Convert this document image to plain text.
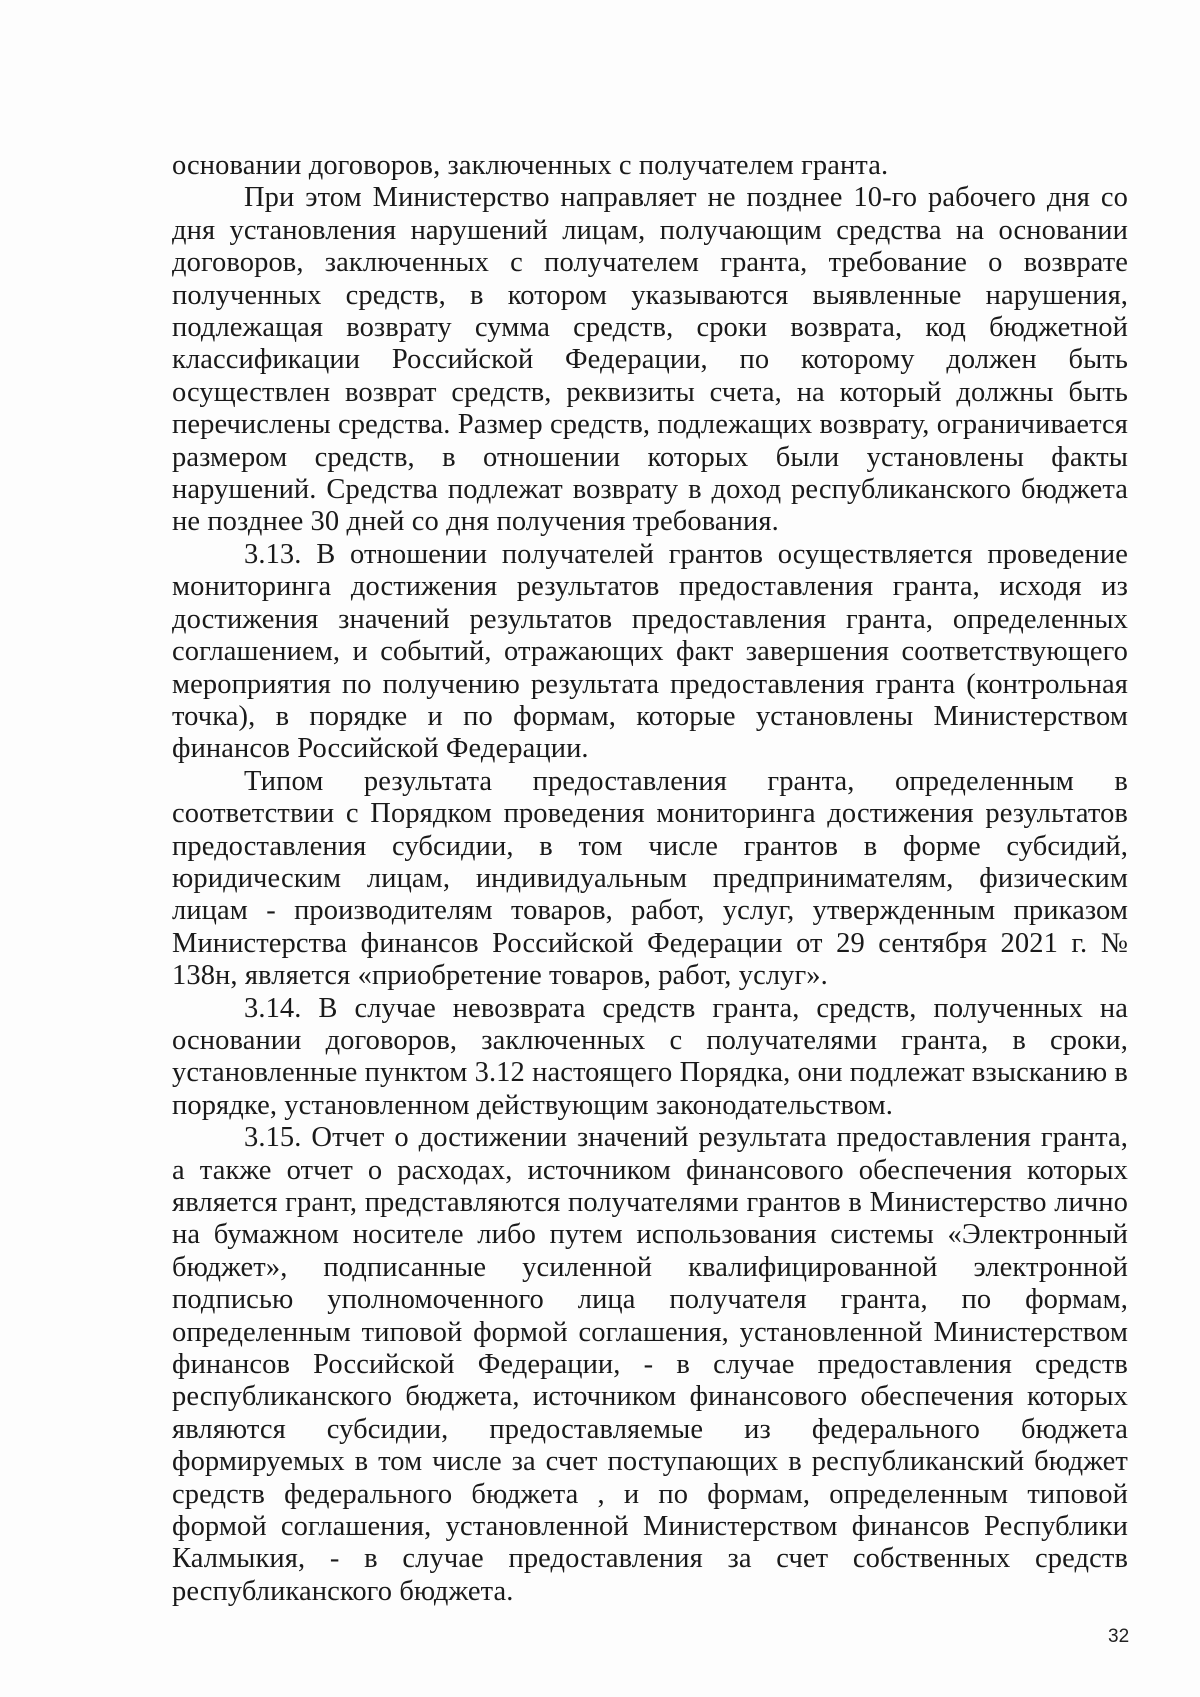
основании договоров, заключенных с получателем гранта.

При этом Министерство направляет не позднее 10-го рабочего дня со дня установления нарушений лицам, получающим средства на основании договоров, заключенных с получателем гранта, требование о возврате полученных средств, в котором указываются выявленные нарушения, подлежащая возврату сумма средств, сроки возврата, код бюджетной классификации Российской Федерации, по которому должен быть осуществлен возврат средств, реквизиты счета, на который должны быть перечислены средства. Размер средств, подлежащих возврату, ограничивается размером средств, в отношении которых были установлены факты нарушений. Средства подлежат возврату в доход республиканского бюджета не позднее 30 дней со дня получения требования.

3.13. В отношении получателей грантов осуществляется проведение мониторинга достижения результатов предоставления гранта, исходя из достижения значений результатов предоставления гранта, определенных соглашением, и событий, отражающих факт завершения соответствующего мероприятия по получению результата предоставления гранта (контрольная точка), в порядке и по формам, которые установлены Министерством финансов Российской Федерации.

Типом результата предоставления гранта, определенным в соответствии с Порядком проведения мониторинга достижения результатов предоставления субсидии, в том числе грантов в форме субсидий, юридическим лицам, индивидуальным предпринимателям, физическим лицам - производителям товаров, работ, услуг, утвержденным приказом Министерства финансов Российской Федерации от 29 сентября 2021 г. № 138н, является «приобретение товаров, работ, услуг».

3.14. В случае невозврата средств гранта, средств, полученных на основании договоров, заключенных с получателями гранта, в сроки, установленные пунктом 3.12 настоящего Порядка, они подлежат взысканию в порядке, установленном действующим законодательством.

3.15. Отчет о достижении значений результата предоставления гранта, а также отчет о расходах, источником финансового обеспечения которых является грант, представляются получателями грантов в Министерство лично на бумажном носителе либо путем использования системы «Электронный бюджет», подписанные усиленной квалифицированной электронной подписью уполномоченного лица получателя гранта, по формам, определенным типовой формой соглашения, установленной Министерством финансов Российской Федерации, - в случае предоставления средств республиканского бюджета, источником финансового обеспечения которых являются субсидии, предоставляемые из федерального бюджета формируемых в том числе за счет поступающих в республиканский бюджет средств федерального бюджета , и по формам, определенным типовой формой соглашения, установленной Министерством финансов Республики Калмыкия, - в случае предоставления за счет собственных средств республиканского бюджета.

32
